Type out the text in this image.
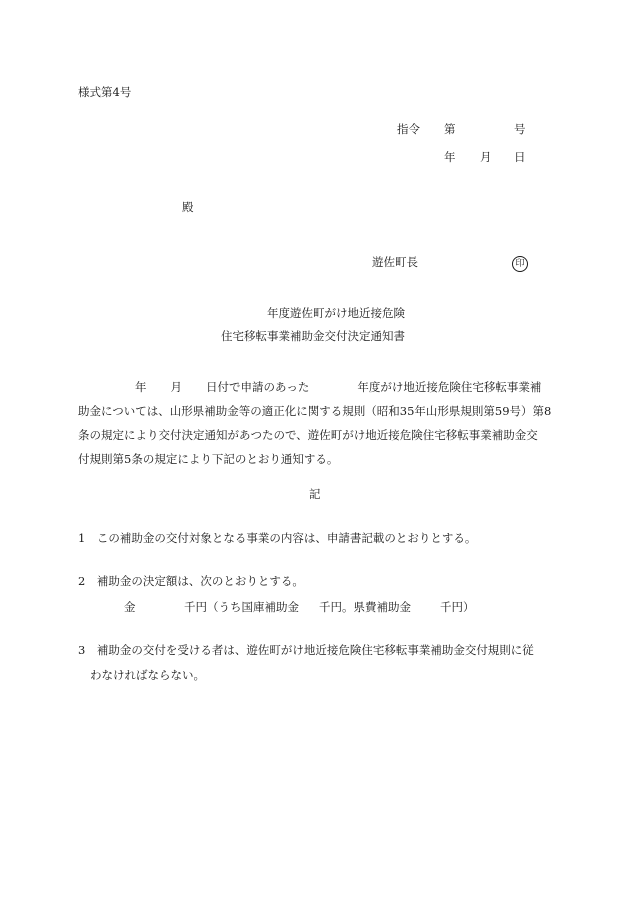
様式第4号
指令 第	号
年 月 日
殿
遊佐町長	印
年度遊佐町がけ地近接危険
住宅移転事業補助金交付決定通知書
年 月 日付で申請のあった	年度がけ地近接危険住宅移転事業補
助金については、山形県補助金等の適正化に関する規則（昭和35年山形県規則第59号）第8
条の規定により交付決定通知があつたので、遊佐町がけ地近接危険住宅移転事業補助金交
付規則第5条の規定により下記のとおり通知する。
記
1　この補助金の交付対象となる事業の内容は、申請書記載のとおりとする。
2　補助金の決定額は、次のとおりとする。
金	千円（うち国庫補助金 千円。県費補助金	千円）
3　補助金の交付を受ける者は、遊佐町がけ地近接危険住宅移転事業補助金交付規則に従
わなければならない。
